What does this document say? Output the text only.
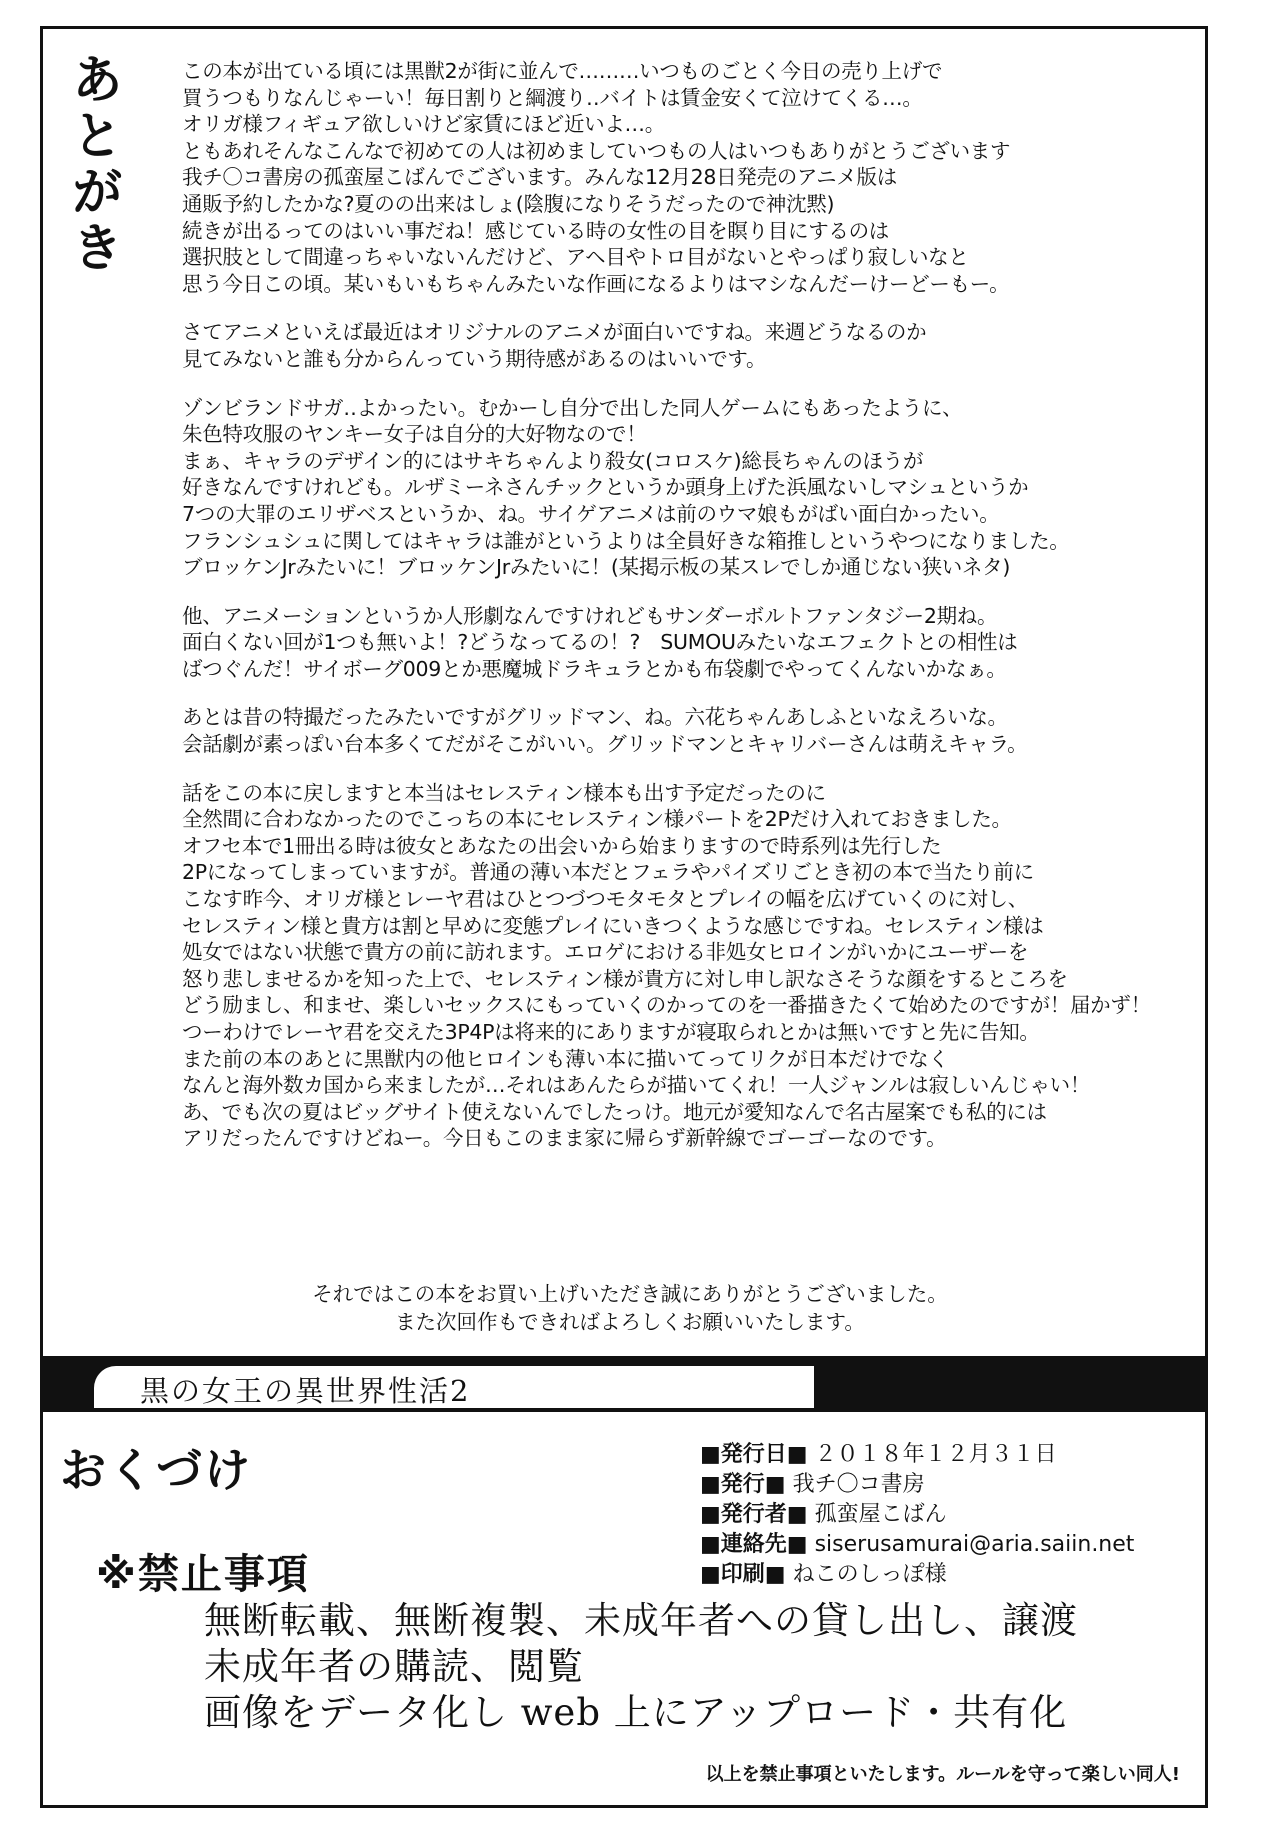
あとがき	この本が出ている頃には黒獣2が街に並んで………いつものごとく今日の売り上げで
買うつもりなんじゃーい！毎日割りと綱渡り‥バイトは賃金安くて泣けてくる…。
オリガ様フィギュア欲しいけど家賃にほど近いよ…。
ともあれそんなこんなで初めての人は初めましていつもの人はいつもありがとうございます
我チ〇コ書房の孤蛮屋こばんでございます。みんな12月28日発売のアニメ版は
通販予約したかな?夏のの出来はしょ(陰腹になりそうだったので神沈黙)
続きが出るってのはいい事だね！感じている時の女性の目を瞑り目にするのは
選択肢として間違っちゃいないんだけど、アヘ目やトロ目がないとやっぱり寂しいなと
思う今日この頃。某いもいもちゃんみたいな作画になるよりはマシなんだーけーどーもー。

さてアニメといえば最近はオリジナルのアニメが面白いですね。来週どうなるのか
見てみないと誰も分からんっていう期待感があるのはいいです。

ゾンビランドサガ‥よかったい。むかーし自分で出した同人ゲームにもあったように、
朱色特攻服のヤンキー女子は自分的大好物なので！
まぁ、キャラのデザイン的にはサキちゃんより殺女(コロスケ)総長ちゃんのほうが
好きなんですけれども。ルザミーネさんチックというか頭身上げた浜風ないしマシュというか
7つの大罪のエリザベスというか、ね。サイゲアニメは前のウマ娘もがばい面白かったい。
フランシュシュに関してはキャラは誰がというよりは全員好きな箱推しというやつになりました。
ブロッケンJrみたいに！ブロッケンJrみたいに！(某掲示板の某スレでしか通じない狭いネタ)

他、アニメーションというか人形劇なんですけれどもサンダーボルトファンタジー2期ね。
面白くない回が1つも無いよ！?どうなってるの！?　SUMOUみたいなエフェクトとの相性は
ばつぐんだ！サイボーグ009とか悪魔城ドラキュラとかも布袋劇でやってくんないかなぁ。

あとは昔の特撮だったみたいですがグリッドマン、ね。六花ちゃんあしふといなえろいな。
会話劇が素っぽい台本多くてだがそこがいい。グリッドマンとキャリバーさんは萌えキャラ。

話をこの本に戻しますと本当はセレスティン様本も出す予定だったのに
全然間に合わなかったのでこっちの本にセレスティン様パートを2Pだけ入れておきました。
オフセ本で1冊出る時は彼女とあなたの出会いから始まりますので時系列は先行した
2Pになってしまっていますが。普通の薄い本だとフェラやパイズリごとき初の本で当たり前に
こなす昨今、オリガ様とレーヤ君はひとつづつモタモタとプレイの幅を広げていくのに対し、
セレスティン様と貴方は割と早めに変態プレイにいきつくような感じですね。セレスティン様は
処女ではない状態で貴方の前に訪れます。エロゲにおける非処女ヒロインがいかにユーザーを
怒り悲しませるかを知った上で、セレスティン様が貴方に対し申し訳なさそうな顔をするところを
どう励まし、和ませ、楽しいセックスにもっていくのかってのを一番描きたくて始めたのですが！届かず！
つーわけでレーヤ君を交えた3P4Pは将来的にありますが寝取られとかは無いですと先に告知。
また前の本のあとに黒獣内の他ヒロインも薄い本に描いてってリクが日本だけでなく
なんと海外数カ国から来ましたが…それはあんたらが描いてくれ！一人ジャンルは寂しいんじゃい！
あ、でも次の夏はビッグサイト使えないんでしたっけ。地元が愛知なんで名古屋案でも私的には
アリだったんですけどねー。今日もこのまま家に帰らず新幹線でゴーゴーなのです。

それではこの本をお買い上げいただき誠にありがとうございました。
また次回作もできればよろしくお願いいたします。
黒の女王の異世界性活2
おくづけ	■発行日■ ２０１８年１２月３１日
■発行■ 我チ〇コ書房
■発行者■ 孤蛮屋こばん
■連絡先■ siserusamurai@aria.saiin.net
■印刷■ ねこのしっぽ様
※禁止事項
無断転載、無断複製、未成年者への貸し出し、譲渡
未成年者の購読、閲覧
画像をデータ化し web 上にアップロード・共有化
以上を禁止事項といたします。ルールを守って楽しい同人!
